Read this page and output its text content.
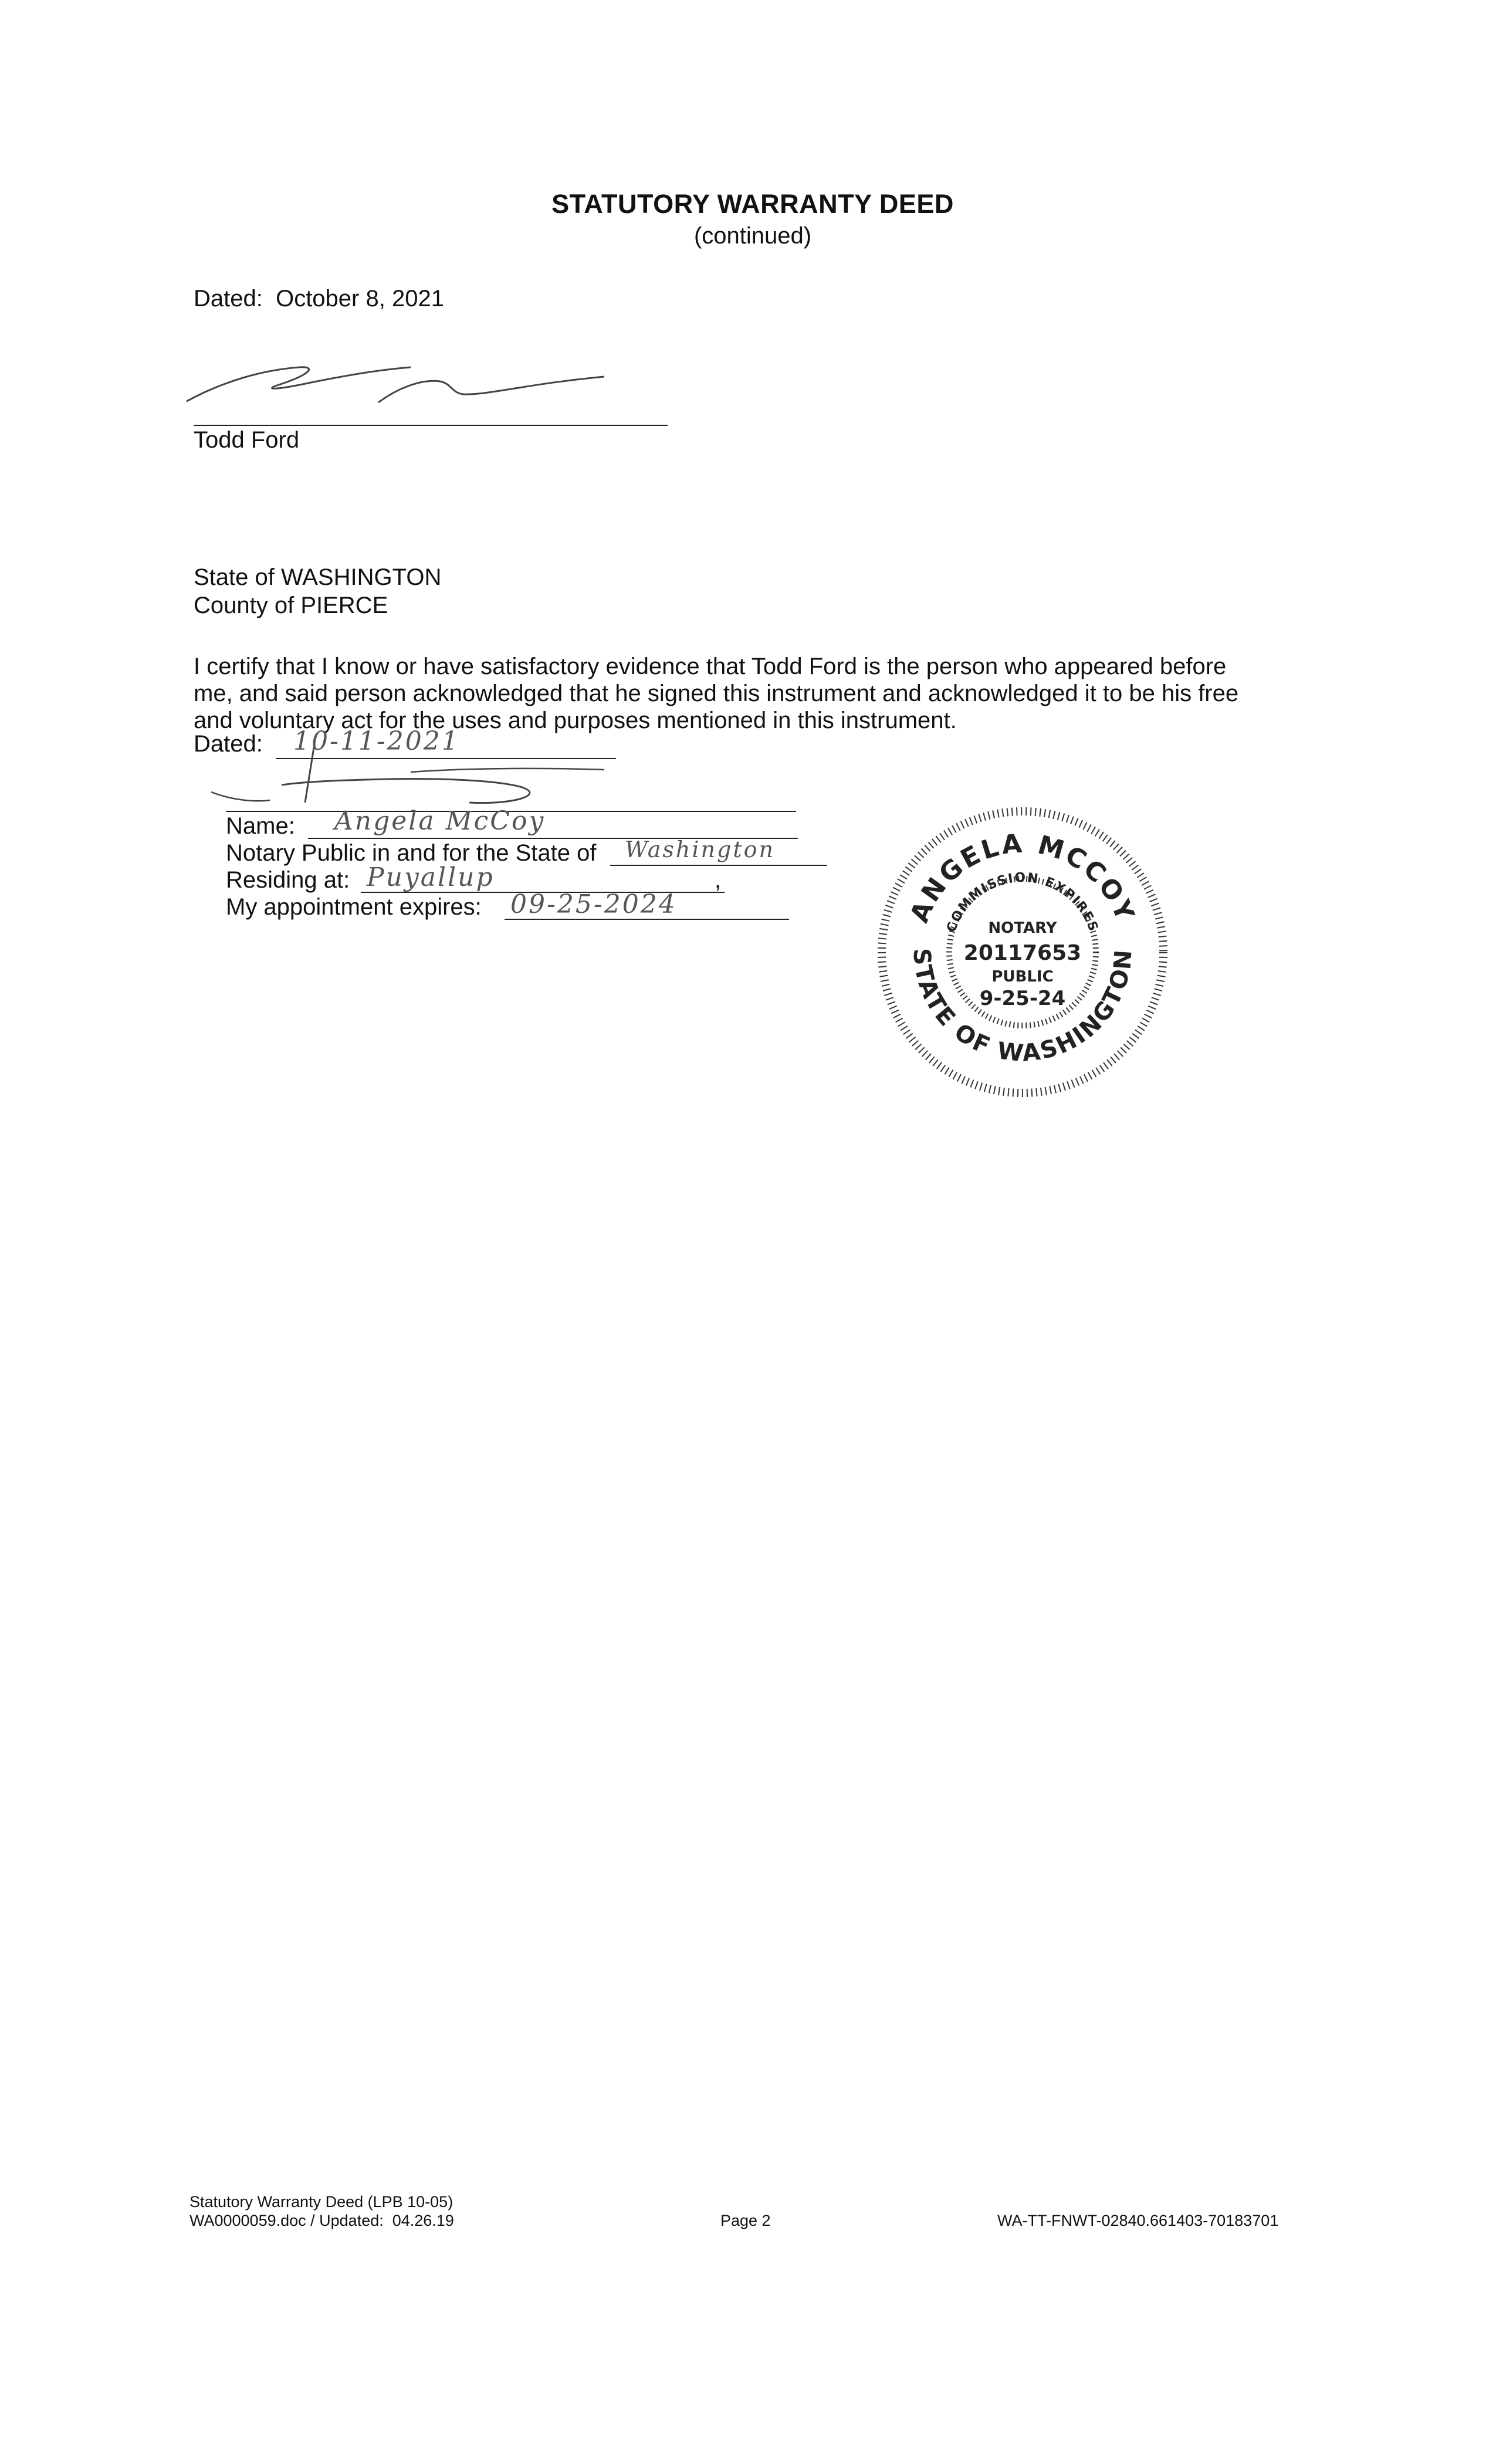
STATUTORY WARRANTY DEED
(continued)
Dated:  October 8, 2021
Todd Ford
State of WASHINGTON
County of PIERCE
I certify that I know or have satisfactory evidence that Todd Ford is the person who appeared before
me, and said person acknowledged that he signed this instrument and acknowledged it to be his free
and voluntary act for the uses and purposes mentioned in this instrument.
Dated: 10-11-2021
Name: Angela McCoy
Notary Public in and for the State of Washington
Residing at: Puyallup	,
My appointment expires: 09-25-2024	ANGELA MCCOY
STATE OF WASHINGTON
COMMISSION EXPIRES
NOTARY
20117653
PUBLIC
9-25-24
Statutory Warranty Deed (LPB 10-05)
WA0000059.doc / Updated:  04.26.19	Page 2	WA-TT-FNWT-02840.661403-70183701
